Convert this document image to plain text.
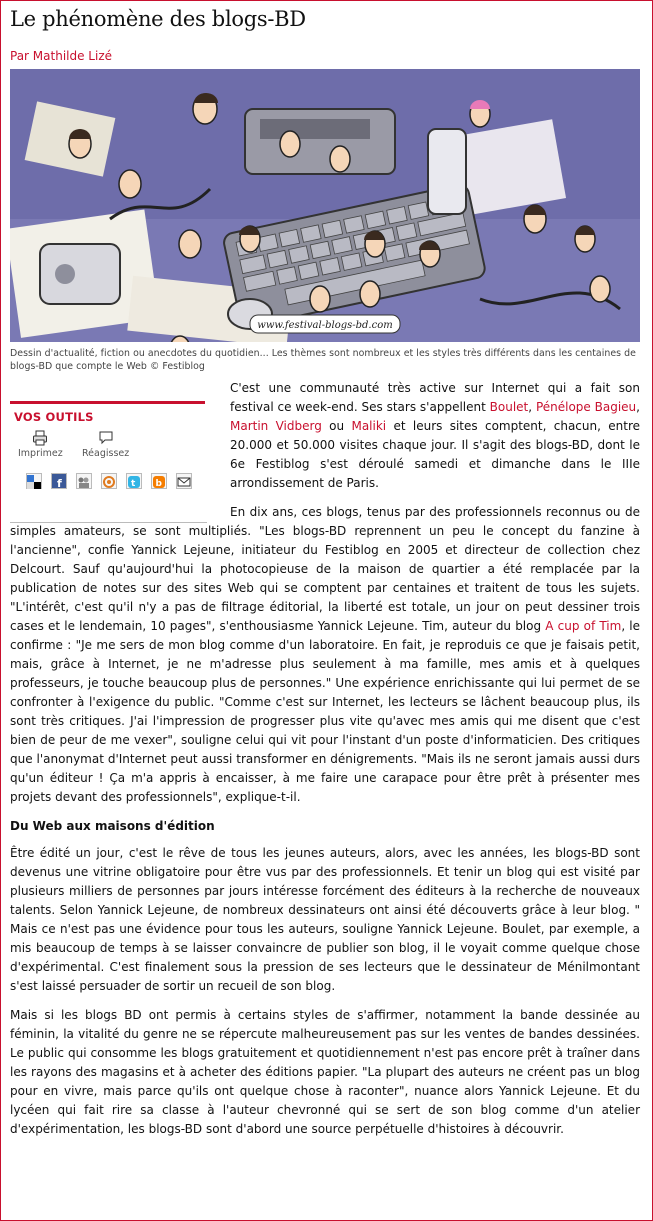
Le phénomène des blogs-BD
Par Mathilde Lizé
www.festival-blogs-bd.com
Dessin d'actualité, fiction ou anecdotes du quotidien... Les thèmes sont nombreux et les styles très différents dans les centaines de blogs-BD que compte le Web © Festiblog
VOS OUTILS
Imprimez Réagissez
f	t b

C'est une communauté très active sur Internet qui a fait son festival ce week-end. Ses stars s'appellent Boulet, Pénélope Bagieu, Martin Vidberg ou Maliki et leurs sites comptent, chacun, entre 20.000 et 50.000 visites chaque jour. Il s'agit des blogs-BD, dont le 6e Festiblog s'est déroulé samedi et dimanche dans le IIIe arrondissement de Paris.

En dix ans, ces blogs, tenus par des professionnels reconnus ou de simples amateurs, se sont multipliés. "Les blogs-BD reprennent un peu le concept du fanzine à l'ancienne", confie Yannick Lejeune, initiateur du Festiblog en 2005 et directeur de collection chez Delcourt. Sauf qu'aujourd'hui la photocopieuse de la maison de quartier a été remplacée par la publication de notes sur des sites Web qui se comptent par centaines et traitent de tous les sujets. "L'intérêt, c'est qu'il n'y a pas de filtrage éditorial, la liberté est totale, un jour on peut dessiner trois cases et le lendemain, 10 pages", s'enthousiasme Yannick Lejeune. Tim, auteur du blog A cup of Tim, le confirme : "Je me sers de mon blog comme d'un laboratoire. En fait, je reproduis ce que je faisais petit, mais, grâce à Internet, je ne m'adresse plus seulement à ma famille, mes amis et à quelques professeurs, je touche beaucoup plus de personnes." Une expérience enrichissante qui lui permet de se confronter à l'exigence du public. "Comme c'est sur Internet, les lecteurs se lâchent beaucoup plus, ils sont très critiques. J'ai l'impression de progresser plus vite qu'avec mes amis qui me disent que c'est bien de peur de me vexer", souligne celui qui vit pour l'instant d'un poste d'informaticien. Des critiques que l'anonymat d'Internet peut aussi transformer en dénigrements. "Mais ils ne seront jamais aussi durs qu'un éditeur ! Ça m'a appris à encaisser, à me faire une carapace pour être prêt à présenter mes projets devant des professionnels", explique-t-il.

Du Web aux maisons d'édition

Être édité un jour, c'est le rêve de tous les jeunes auteurs, alors, avec les années, les blogs-BD sont devenus une vitrine obligatoire pour être vus par des professionnels. Et tenir un blog qui est visité par plusieurs milliers de personnes par jours intéresse forcément des éditeurs à la recherche de nouveaux talents. Selon Yannick Lejeune, de nombreux dessinateurs ont ainsi été découverts grâce à leur blog. " Mais ce n'est pas une évidence pour tous les auteurs, souligne Yannick Lejeune. Boulet, par exemple, a mis beaucoup de temps à se laisser convaincre de publier son blog, il le voyait comme quelque chose d'expérimental. C'est finalement sous la pression de ses lecteurs que le dessinateur de Ménilmontant s'est laissé persuader de sortir un recueil de son blog.

Mais si les blogs BD ont permis à certains styles de s'affirmer, notamment la bande dessinée au féminin, la vitalité du genre ne se répercute malheureusement pas sur les ventes de bandes dessinées. Le public qui consomme les blogs gratuitement et quotidiennement n'est pas encore prêt à traîner dans les rayons des magasins et à acheter des éditions papier. "La plupart des auteurs ne créent pas un blog pour en vivre, mais parce qu'ils ont quelque chose à raconter", nuance alors Yannick Lejeune. Et du lycéen qui fait rire sa classe à l'auteur chevronné qui se sert de son blog comme d'un atelier d'expérimentation, les blogs-BD sont d'abord une source perpétuelle d'histoires à découvrir.
